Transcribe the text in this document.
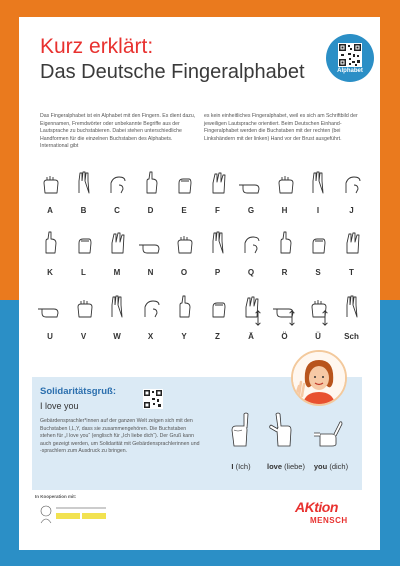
Kurz erklärt:
Das Deutsche Fingeralphabet	Alphabet
Das Fingeralphabet ist ein Alphabet mit den Fingern. Es dient dazu, Eigennamen, Fremdwörter oder unbekannte Begriffe aus der Lautsprache zu buchstabieren. Dabei stehen unterschiedliche Handformen für die einzelnen Buchstaben des Alphabets. International gibt
es kein einheitliches Fingeralphabet, weil es sich am Schriftbild der jeweiligen Lautsprache orientiert. Beim Deutschen Einhand-Fingeralphabet werden die Buchstaben mit der rechten (bei Linkshändern mit der linken) Hand vor der Brust ausgeführt.
A	B	C	D	E	F	G	H	I	J
K	L	M	N	O	P	Q	R	S	T
U	V	W	X	Y	Z	Ä	Ö	Ü	Sch
Solidaritätsgruß:
I love you
Gebärdensprachler*innen auf der ganzen Welt zeigen sich mit den Buchstaben I,L,Y, dass sie zusammengehören. Die Buchstaben stehen für „I love you“ (englisch für „Ich liebe dich“). Der Gruß kann auch gezeigt werden, um Solidarität mit Gebärdensprachlerinnen und -sprachlern zum Ausdruck zu bringen.
I (Ich)	love (liebe)	you (dich)
In Kooperation mit:
AKtion
MENSCH
